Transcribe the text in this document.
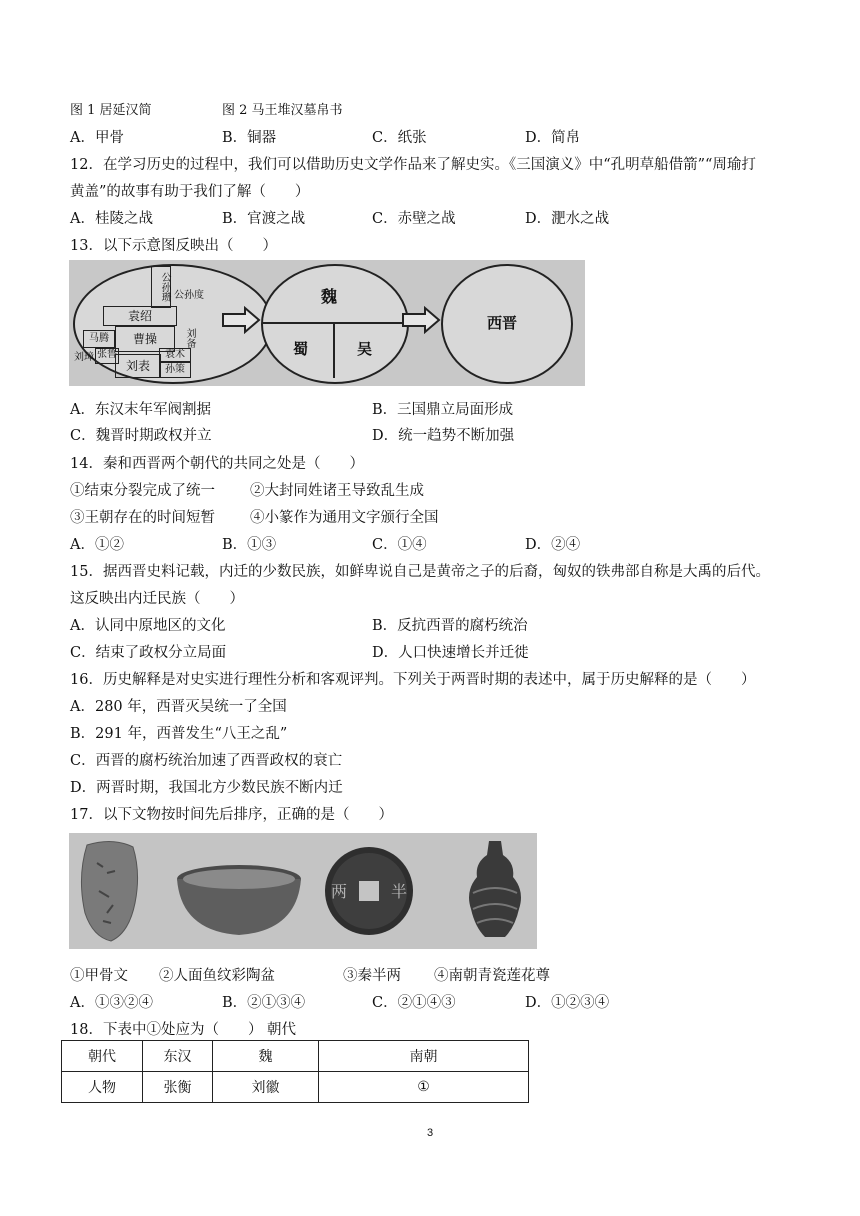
图 1 居延汉简	图 2 马王堆汉墓帛书
A．甲骨	B．铜器	C．纸张	D．简帛
12．在学习历史的过程中，我们可以借助历史文学作品来了解史实。《三国演义》中“孔明草船借箭”“周瑜打
黄盖”的故事有助于我们了解（　　）
A．桂陵之战	B．官渡之战	C．赤壁之战	D．淝水之战
13．以下示意图反映出（　　）
公孙瓒 公孙度
袁绍
马腾	曹操	刘备
张鲁
刘璋
刘表
袁术
孙策
魏
蜀	吴
西晋
A．东汉末年军阀割据	B．三国鼎立局面形成
C．魏晋时期政权并立	D．统一趋势不断加强
14．秦和西晋两个朝代的共同之处是（　　）
①结束分裂完成了统一 ②大封同姓诸王导致乱生成
③王朝存在的时间短暂 ④小篆作为通用文字颁行全国
A．①②	B．①③	C．①④	D．②④
15．据西晋史料记载，内迁的少数民族，如鲜卑说自己是黄帝之子的后裔，匈奴的铁弗部自称是大禹的后代。
这反映出内迁民族（　　）
A．认同中原地区的文化	B．反抗西晋的腐朽统治
C．结束了政权分立局面	D．人口快速增长并迁徙
16．历史解释是对史实进行理性分析和客观评判。下列关于两晋时期的表述中，属于历史解释的是（　　）
A．280 年，西晋灭吴统一了全国
B．291 年，西普发生“八王之乱”
C．西晋的腐朽统治加速了西晋政权的衰亡
D．两晋时期，我国北方少数民族不断内迁
17．以下文物按时间先后排序，正确的是（　　）
半
两
①甲骨文 ②人面鱼纹彩陶盆	③秦半两 ④南朝青瓷莲花尊
A．①③②④	B．②①③④	C．②①④③	D．①②③④
18．下表中①处应为（　　） 朝代
朝代	东汉	魏	南朝
人物	张衡	刘徽	①
3
